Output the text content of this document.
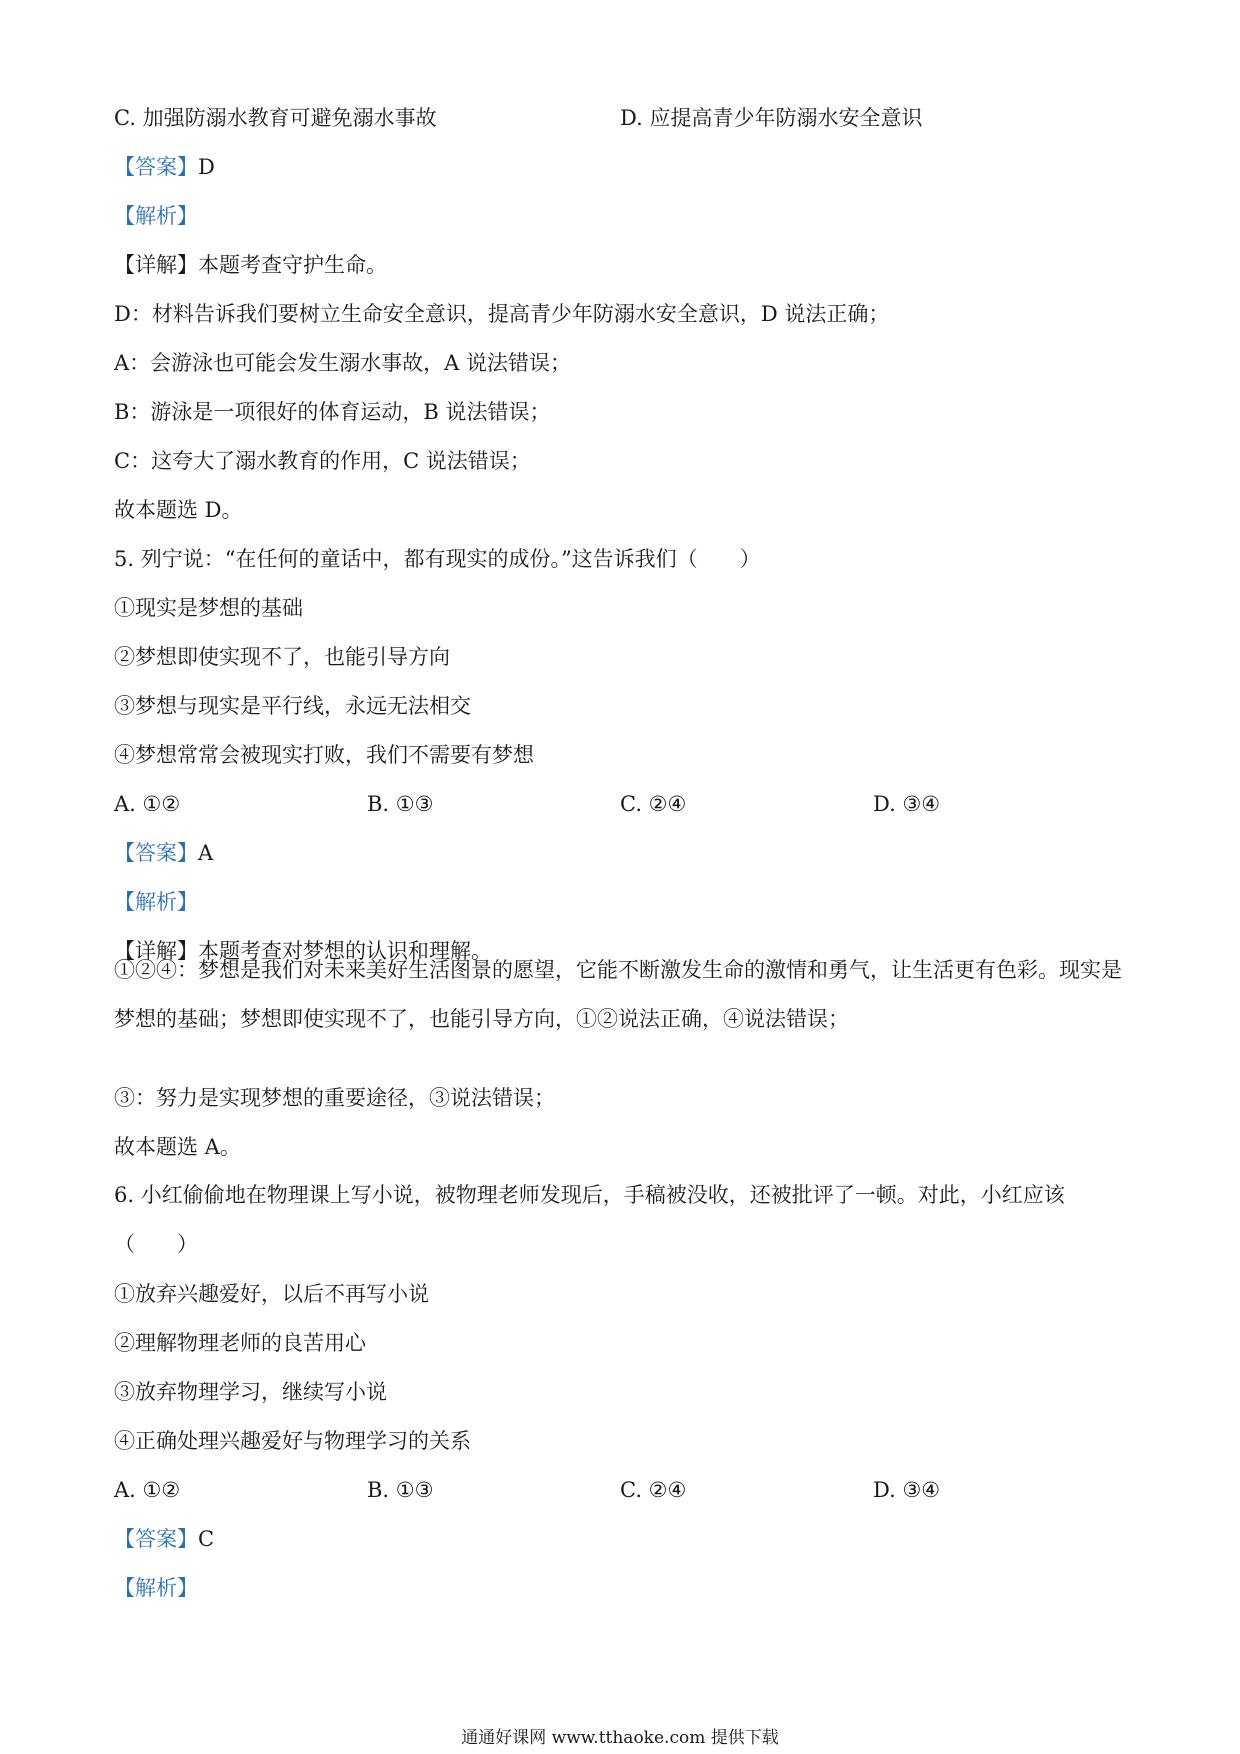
C. 加强防溺水教育可避免溺水事故	D. 应提高青少年防溺水安全意识
【答案】D
【解析】
【详解】本题考查守护生命。
D：材料告诉我们要树立生命安全意识，提高青少年防溺水安全意识，D 说法正确；
A：会游泳也可能会发生溺水事故，A 说法错误；
B：游泳是一项很好的体育运动，B 说法错误；
C：这夸大了溺水教育的作用，C 说法错误；
故本题选 D。
5. 列宁说：“在任何的童话中，都有现实的成份。”这告诉我们（　　）
①现实是梦想的基础
②梦想即使实现不了，也能引导方向
③梦想与现实是平行线，永远无法相交
④梦想常常会被现实打败，我们不需要有梦想
A. ①②	B. ①③	C. ②④	D. ③④
【答案】A
【解析】
【详解】本题考查对梦想的认识和理解。
①②④：梦想是我们对未来美好生活图景的愿望，它能不断激发生命的激情和勇气，让生活更有色彩。现实是梦想的基础；梦想即使实现不了，也能引导方向，①②说法正确，④说法错误；
③：努力是实现梦想的重要途径，③说法错误；
故本题选 A。
6. 小红偷偷地在物理课上写小说，被物理老师发现后，手稿被没收，还被批评了一顿。对此，小红应该（　　）
①放弃兴趣爱好，以后不再写小说
②理解物理老师的良苦用心
③放弃物理学习，继续写小说
④正确处理兴趣爱好与物理学习的关系
A. ①②	B. ①③	C. ②④	D. ③④
【答案】C
【解析】
通通好课网 www.tthaoke.com 提供下载
